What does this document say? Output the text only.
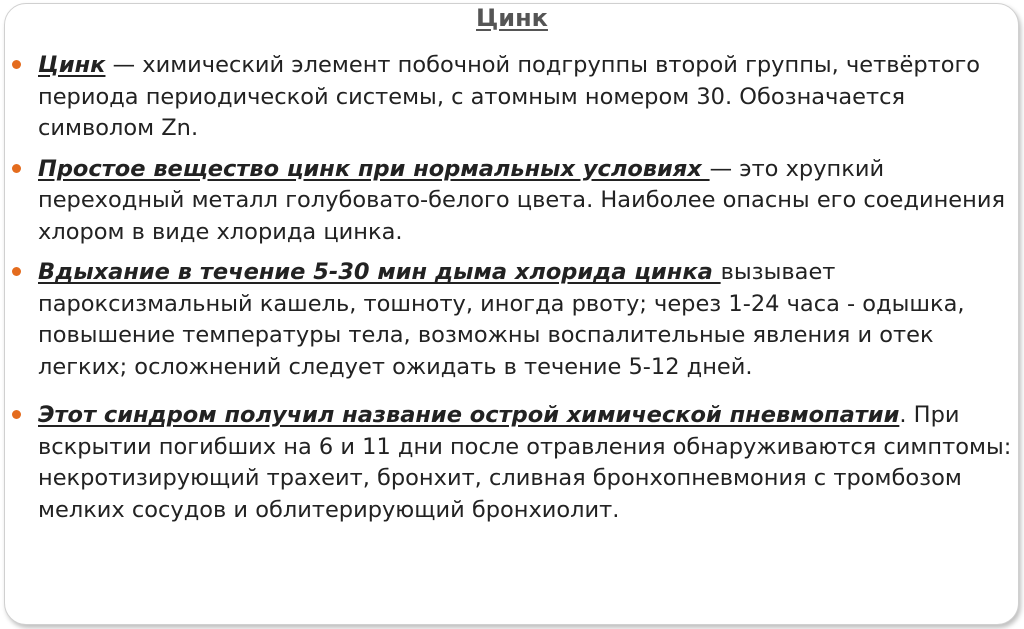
Цинк
Цинк — химический элемент побочной подгруппы второй группы, четвёртого периода периодической системы, с атомным номером 30. Обозначается символом Zn.
Простое вещество цинк при нормальных условиях — это хрупкий переходный металл голубовато-белого цвета. Наиболее опасны его соединения хлором в виде хлорида цинка.
Вдыхание в течение 5-30 мин дыма хлорида цинка вызывает пароксизмальный кашель, тошноту, иногда рвоту; через 1-24 часа - одышка, повышение температуры тела, возможны воспалительные явления и отек легких; осложнений следует ожидать в течение 5-12 дней.
Этот синдром получил название острой химической пневмопатии. При вскрытии погибших на 6 и 11 дни после отравления обнаруживаются симптомы: некротизирующий трахеит, бронхит, сливная бронхопневмония с тромбозом мелких сосудов и облитерирующий бронхиолит.
